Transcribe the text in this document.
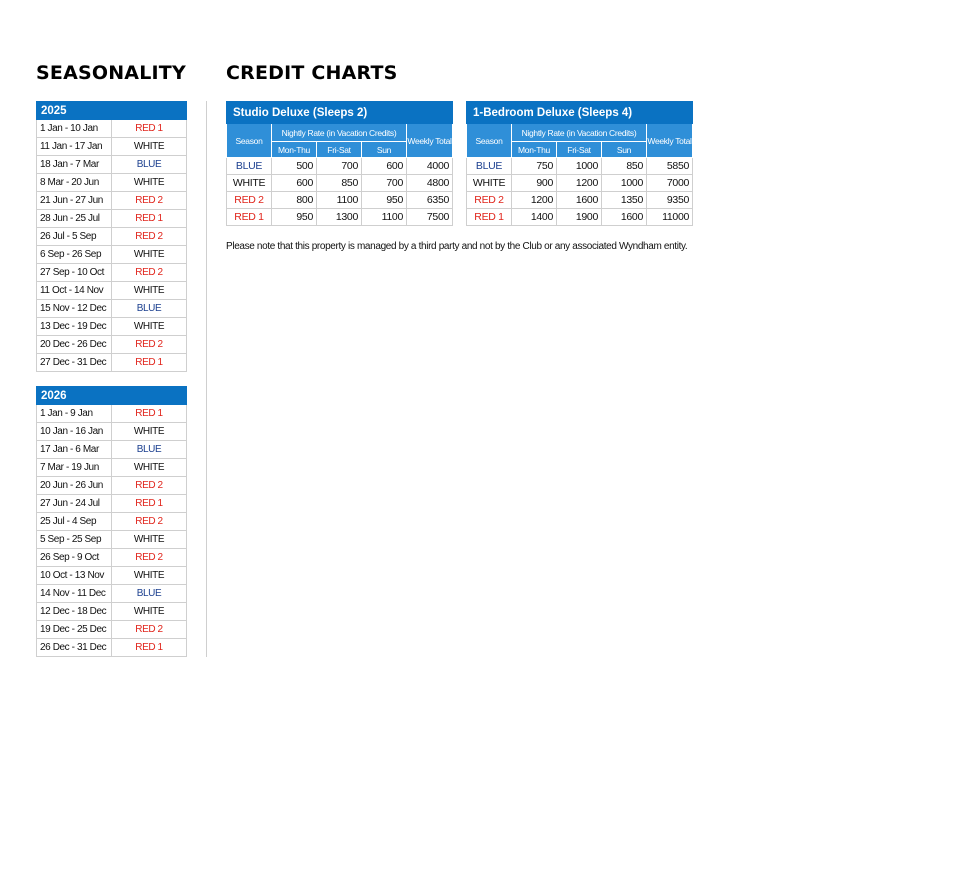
SEASONALITY CREDIT CHARTS
2025	
1 Jan - 10 Jan	RED 1
11 Jan - 17 Jan	WHITE
18 Jan - 7 Mar	BLUE
8 Mar - 20 Jun	WHITE
21 Jun - 27 Jun	RED 2
28 Jun - 25 Jul	RED 1
26 Jul - 5 Sep	RED 2
6 Sep - 26 Sep	WHITE
27 Sep - 10 Oct	RED 2
11 Oct - 14 Nov	WHITE
15 Nov - 12 Dec	BLUE
13 Dec - 19 Dec	WHITE
20 Dec - 26 Dec	RED 2
27 Dec - 31 Dec	RED 1
2026	
1 Jan - 9 Jan	RED 1
10 Jan - 16 Jan	WHITE
17 Jan - 6 Mar	BLUE
7 Mar - 19 Jun	WHITE
20 Jun - 26 Jun	RED 2
27 Jun - 24 Jul	RED 1
25 Jul - 4 Sep	RED 2
5 Sep - 25 Sep	WHITE
26 Sep - 9 Oct	RED 2
10 Oct - 13 Nov	WHITE
14 Nov - 11 Dec	BLUE
12 Dec - 18 Dec	WHITE
19 Dec - 25 Dec	RED 2
26 Dec - 31 Dec	RED 1
Studio Deluxe (Sleeps 2)				
Season	Nightly Rate (in Vacation Credits)			Weekly Total
	Mon-Thu	Fri-Sat	Sun	
BLUE	500	700	600	4000
WHITE	600	850	700	4800
RED 2	800	1100	950	6350
RED 1	950	1300	1100	7500
1-Bedroom Deluxe (Sleeps 4)				
Season	Nightly Rate (in Vacation Credits)			Weekly Total
	Mon-Thu	Fri-Sat	Sun	
BLUE	750	1000	850	5850
WHITE	900	1200	1000	7000
RED 2	1200	1600	1350	9350
RED 1	1400	1900	1600	11000

Please note that this property is managed by a third party and not by the Club or any associated Wyndham entity.
